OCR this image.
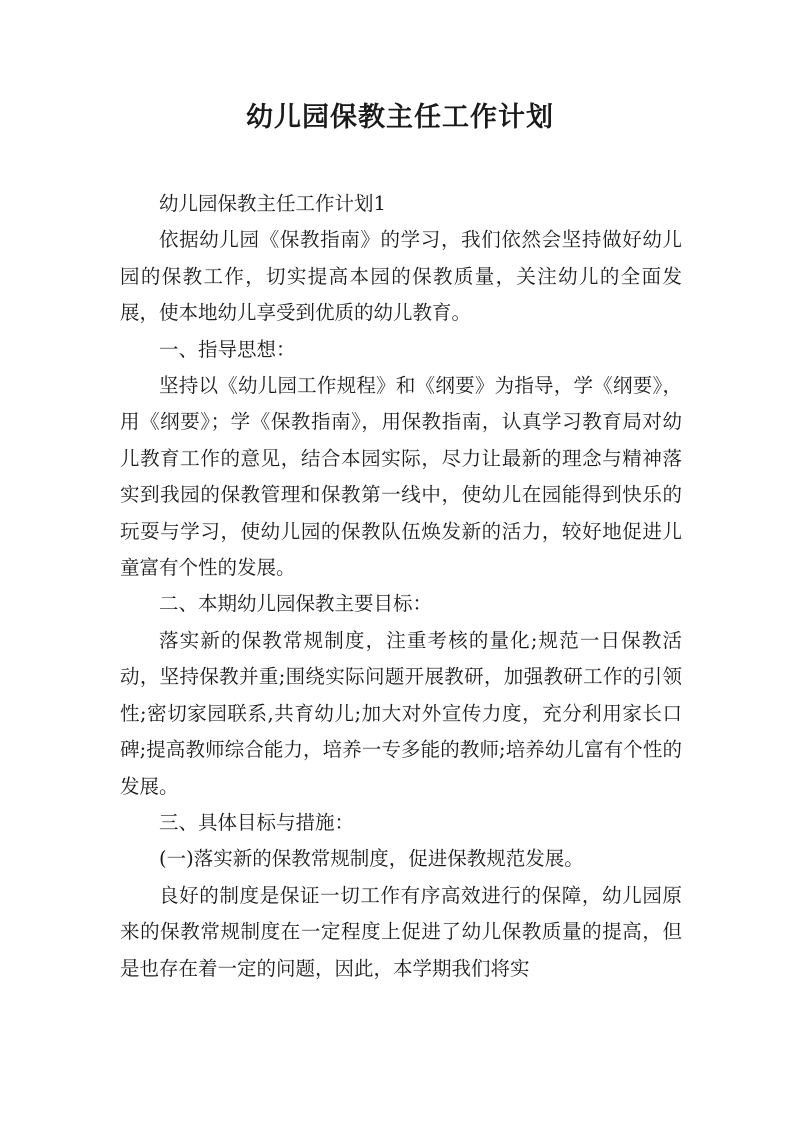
幼儿园保教主任工作计划

幼儿园保教主任工作计划1

依据幼儿园《保教指南》的学习，我们依然会坚持做好幼儿园的保教工作，切实提高本园的保教质量，关注幼儿的全面发展，使本地幼儿享受到优质的幼儿教育。

一、指导思想：

坚持以《幼儿园工作规程》和《纲要》为指导，学《纲要》，用《纲要》；学《保教指南》，用保教指南，认真学习教育局对幼儿教育工作的意见，结合本园实际，尽力让最新的理念与精神落实到我园的保教管理和保教第一线中，使幼儿在园能得到快乐的玩耍与学习，使幼儿园的保教队伍焕发新的活力，较好地促进儿童富有个性的发展。

二、本期幼儿园保教主要目标：

落实新的保教常规制度，注重考核的量化;规范一日保教活动，坚持保教并重;围绕实际问题开展教研，加强教研工作的引领性;密切家园联系,共育幼儿;加大对外宣传力度，充分利用家长口碑;提高教师综合能力，培养一专多能的教师;培养幼儿富有个性的发展。

三、具体目标与措施：

(一)落实新的保教常规制度，促进保教规范发展。

良好的制度是保证一切工作有序高效进行的保障，幼儿园原来的保教常规制度在一定程度上促进了幼儿保教质量的提高，但是也存在着一定的问题，因此，本学期我们将实
